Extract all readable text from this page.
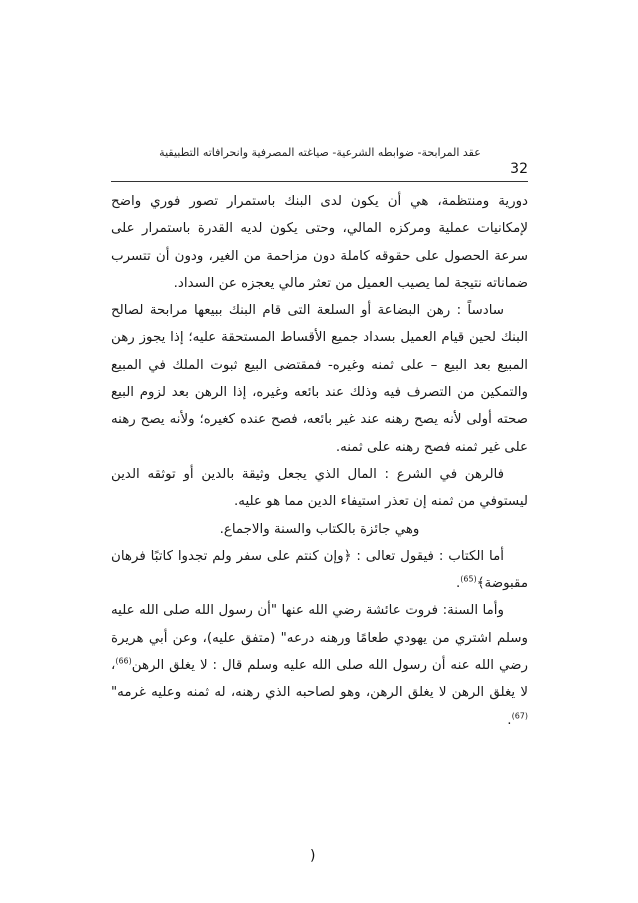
عقد المرابحة- ضوابطه الشرعية- صياغته المصرفية وانحرافاته التطبيقية
32

دورية ومنتظمة، هي أن يكون لدى البنك باستمرار تصور فوري واضح لإمكانيات عملية ومركزه المالي، وحتى يكون لديه القدرة باستمرار على سرعة الحصول على حقوقه كاملة دون مزاحمة من الغير، ودون أن تتسرب ضماناته نتيجة لما يصيب العميل من تعثر مالي يعجزه عن السداد.

سادساً : رهن البضاعة أو السلعة التى قام البنك ببيعها مرابحة لصالح البنك لحين قيام العميل بسداد جميع الأقساط المستحقة عليه؛ إذا يجوز رهن المبيع بعد البيع – على ثمنه وغيره- فمقتضى البيع ثبوت الملك في المبيع والتمكين من التصرف فيه وذلك عند بائعه وغيره، إذا الرهن بعد لزوم البيع صحته أولى لأنه يصح رهنه عند غير بائعه، فصح عنده كغيره؛ ولأنه يصح رهنه على غير ثمنه فصح رهنه على ثمنه.

فالرهن في الشرع : المال الذي يجعل وثيقة بالدين أو توثقه الدين ليستوفي من ثمنه إن تعذر استيفاء الدين مما هو عليه.

وهي جائزة بالكتاب والسنة والاجماع.

أما الكتاب : فيقول تعالى : ﴿وإن كنتم على سفر ولم تجدوا كاتبًا فرهان مقبوضة﴾$^{(65)}$.

وأما السنة: فروت عائشة رضي الله عنها "أن رسول الله صلى الله عليه وسلم اشتري من يهودي طعامًا ورهنه درعه" (متفق عليه)، وعن أبي هريرة رضي الله عنه أن رسول الله صلى الله عليه وسلم قال : لا يغلق الرهن$^{(66)}$، لا يغلق الرهن لا يغلق الرهن، وهو لصاحبه الذي رهنه، له ثمنه وعليه غرمه"$^{(67)}$.

)
